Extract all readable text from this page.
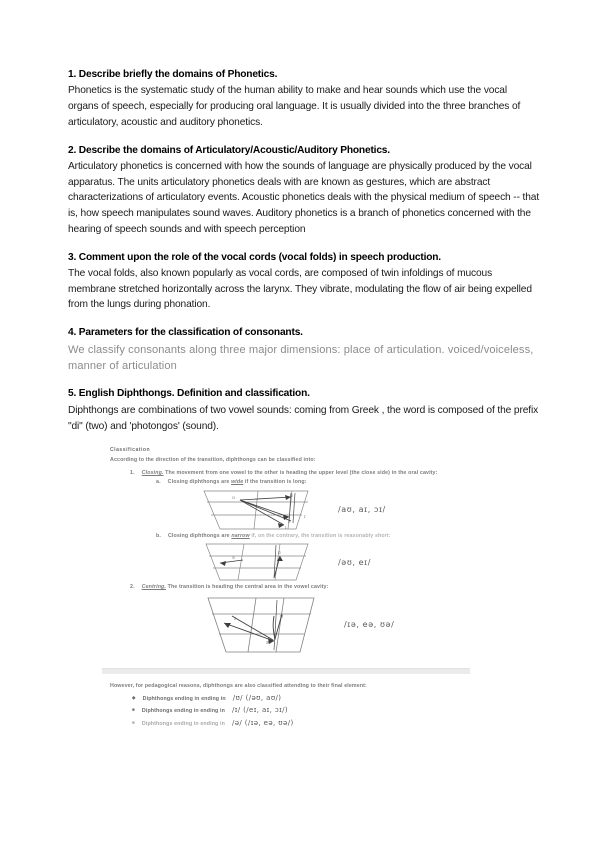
1. Describe briefly the domains of Phonetics.

Phonetics is the systematic study of the human ability to make and hear sounds which use the vocal organs of speech, especially for producing oral language. It is usually divided into the three branches of articulatory, acoustic and auditory phonetics.

2. Describe the domains of Articulatory/Acoustic/Auditory Phonetics.

Articulatory phonetics is concerned with how the sounds of language are physically produced by the vocal apparatus. The units articulatory phonetics deals with are known as gestures, which are abstract characterizations of articulatory events. Acoustic phonetics deals with the physical medium of speech -- that is, how speech manipulates sound waves. Auditory phonetics is a branch of phonetics concerned with the hearing of speech sounds and with speech perception

3. Comment upon the role of the vocal cords (vocal folds) in speech production.

The vocal folds, also known popularly as vocal cords, are composed of twin infoldings of mucous membrane stretched horizontally across the larynx. They vibrate, modulating the flow of air being expelled from the lungs during phonation.

4. Parameters for the classification of consonants.

We classify consonants along three major dimensions: place of articulation. voiced/voiceless, manner of articulation

5. English Diphthongs. Definition and classification.

Diphthongs are combinations of two vowel sounds: coming from Greek , the word is composed of the prefix "di" (two) and 'photongos' (sound).

Classification
According to the direction of the transition, diphthongs can be classified into:
1. Closing. The movement from one vowel to the other is heading the upper level (the close side) in the oral cavity:
a. Closing diphthongs are wide if the transition is long:
ɑ	ʊ
ɪ
ɪ
/aʊ, aɪ, ɔɪ/
b. Closing diphthongs are narrow if, on the contrary, the transition is reasonably short:
ə
ʊ
/əʊ, eɪ/
2. Centring. The transition is heading the central area in the vowel cavity:
ɪ	ʊ
ə
/ɪə, eə, ʊə/
However, for pedagogical reasons, diphthongs are also classified attending to their final element:
◆ Diphthongs ending in ending in /ʊ/ (/əʊ, aʊ/)
■ Diphthongs ending in ending in /ɪ/ (/eɪ, aɪ, ɔɪ/)
■ Diphthongs ending in ending in /ə/ (/ɪə, eə, ʊə/)
